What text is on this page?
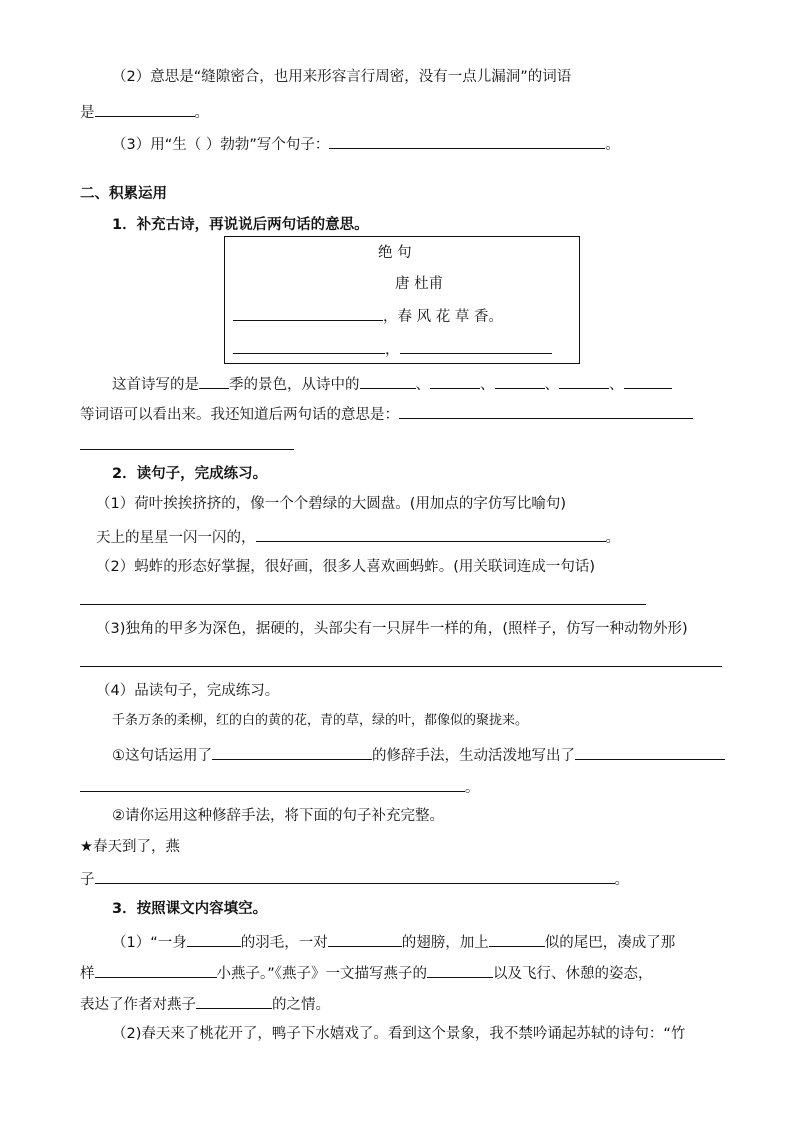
（2）意思是“缝隙密合，也用来形容言行周密，没有一点儿漏洞”的词语
是	。
（3）用“生（ ）勃勃”写个句子：	。
二、积累运用
1．补充古诗，再说说后两句话的意思。
绝 句
唐 杜甫
，春 风 花 草 香。
，
这首诗写的是 季的景色，从诗中的	、	、	、	、
等词语可以看出来。我还知道后两句话的意思是：
2．读句子，完成练习。
（1）荷叶挨挨挤挤的，像一个个碧绿的大圆盘。(用加点的字仿写比喻句)
天上的星星一闪一闪的，	。
（2）蚂蚱的形态好掌握，很好画，很多人喜欢画蚂蚱。(用关联词连成一句话)
（3)独角的甲多为深色，据硬的，头部尖有一只屏牛一样的角，(照样子，仿写一种动物外形)
（4）品读句子，完成练习。
千条万条的柔柳，红的白的黄的花，青的草，绿的叶，都像似的聚拢来。
①这句话运用了	的修辞手法，生动活泼地写出了
。
②请你运用这种修辞手法，将下面的句子补充完整。
★春天到了，燕
子	。
3．按照课文内容填空。
（1）“一身	的羽毛，一对	的翅膀，加上	似的尾巴，凑成了那
样	小燕子。”《燕子》一文描写燕子的	以及飞行、休憩的姿态，
表达了作者对燕子	的之情。
（2)春天来了桃花开了，鸭子下水嬉戏了。看到这个景象，我不禁吟诵起苏轼的诗句：“竹
